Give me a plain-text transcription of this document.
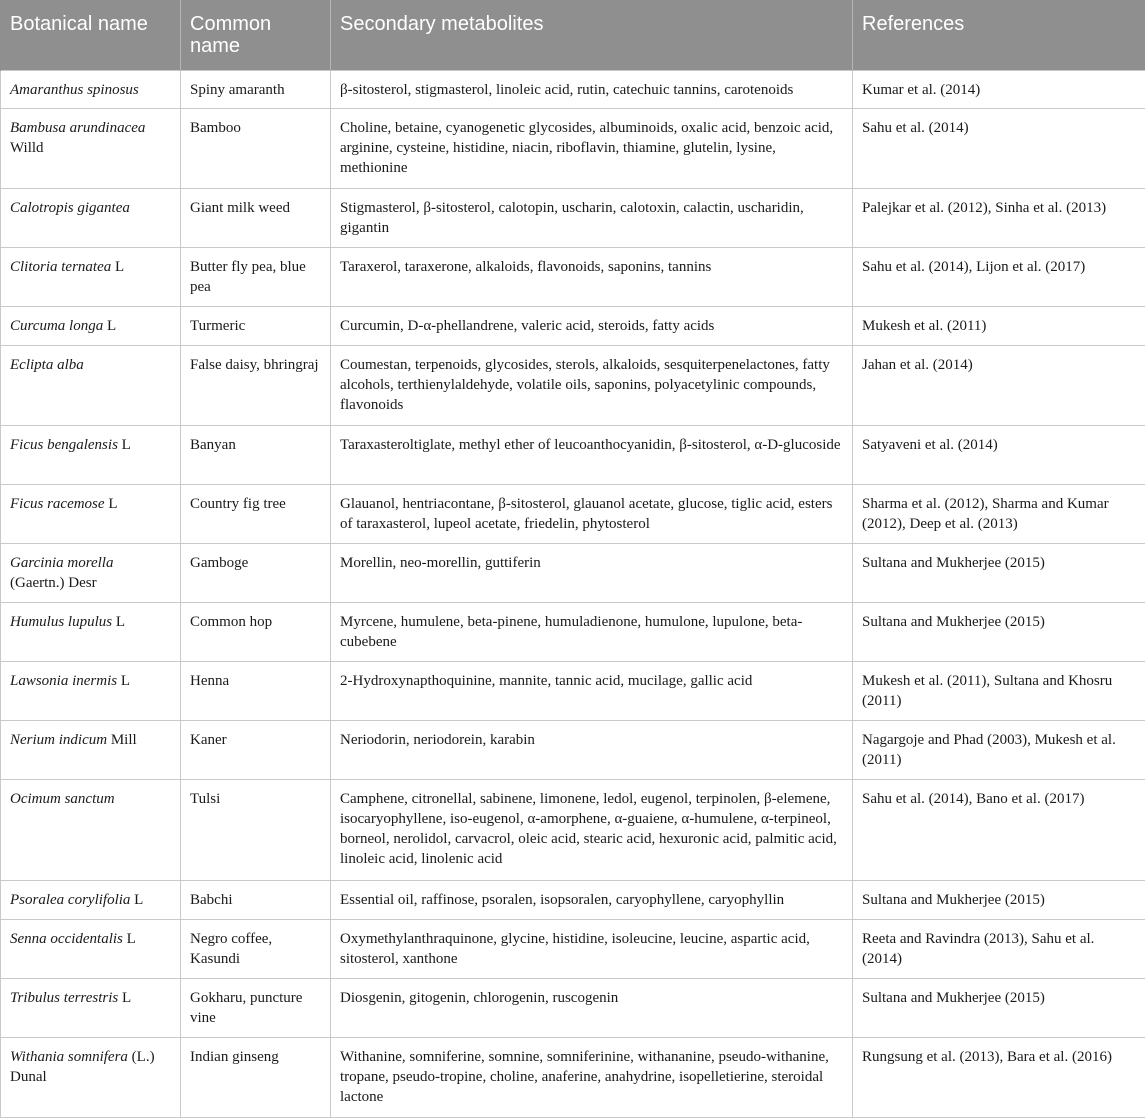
Botanical name	Common name	Secondary metabolites	References
Amaranthus spinosus	Spiny amaranth	β-sitosterol, stigmasterol, linoleic acid, rutin, catechuic tannins, carotenoids	Kumar et al. (2014)
Bambusa arundinacea Willd	Bamboo	Choline, betaine, cyanogenetic glycosides, albuminoids, oxalic acid, benzoic acid, arginine, cysteine, histidine, niacin, riboflavin, thiamine, glutelin, lysine, methionine	Sahu et al. (2014)
Calotropis gigantea	Giant milk weed	Stigmasterol, β-sitosterol, calotopin, uscharin, calotoxin, calactin, uscharidin, gigantin	Palejkar et al. (2012), Sinha et al. (2013)
Clitoria ternatea L	Butter fly pea, blue pea	Taraxerol, taraxerone, alkaloids, flavonoids, saponins, tannins	Sahu et al. (2014), Lijon et al. (2017)
Curcuma longa L	Turmeric	Curcumin, D-α-phellandrene, valeric acid, steroids, fatty acids	Mukesh et al. (2011)
Eclipta alba	False daisy, bhringraj	Coumestan, terpenoids, glycosides, sterols, alkaloids, sesquiterpenelactones, fatty alcohols, terthienylaldehyde, volatile oils, saponins, polyacetylinic compounds, flavonoids	Jahan et al. (2014)
Ficus bengalensis L	Banyan	Taraxasteroltiglate, methyl ether of leucoanthocyanidin, β-sitosterol, α-D-glucoside	Satyaveni et al. (2014)
Ficus racemose L	Country fig tree	Glauanol, hentriacontane, β-sitosterol, glauanol acetate, glucose, tiglic acid, esters of taraxasterol, lupeol acetate, friedelin, phytosterol	Sharma et al. (2012), Sharma and Kumar (2012), Deep et al. (2013)
Garcinia morella (Gaertn.) Desr	Gamboge	Morellin, neo-morellin, guttiferin	Sultana and Mukherjee (2015)
Humulus lupulus L	Common hop	Myrcene, humulene, beta-pinene, humuladienone, humulone, lupulone, beta-cubebene	Sultana and Mukherjee (2015)
Lawsonia inermis L	Henna	2-Hydroxynapthoquinine, mannite, tannic acid, mucilage, gallic acid	Mukesh et al. (2011), Sultana and Khosru (2011)
Nerium indicum Mill	Kaner	Neriodorin, neriodorein, karabin	Nagargoje and Phad (2003), Mukesh et al. (2011)
Ocimum sanctum	Tulsi	Camphene, citronellal, sabinene, limonene, ledol, eugenol, terpinolen, β-elemene, isocaryophyllene, iso-eugenol, α-amorphene, α-guaiene, α-humulene, α-terpineol, borneol, nerolidol, carvacrol, oleic acid, stearic acid, hexuronic acid, palmitic acid, linoleic acid, linolenic acid	Sahu et al. (2014), Bano et al. (2017)
Psoralea corylifolia L	Babchi	Essential oil, raffinose, psoralen, isopsoralen, caryophyllene, caryophyllin	Sultana and Mukherjee (2015)
Senna occidentalis L	Negro coffee, Kasundi	Oxymethylanthraquinone, glycine, histidine, isoleucine, leucine, aspartic acid, sitosterol, xanthone	Reeta and Ravindra (2013), Sahu et al. (2014)
Tribulus terrestris L	Gokharu, puncture vine	Diosgenin, gitogenin, chlorogenin, ruscogenin	Sultana and Mukherjee (2015)
Withania somnifera (L.) Dunal	Indian ginseng	Withanine, somniferine, somnine, somniferinine, withananine, pseudo-withanine, tropane, pseudo-tropine, choline, anaferine, anahydrine, isopelletierine, steroidal lactone	Rungsung et al. (2013), Bara et al. (2016)
